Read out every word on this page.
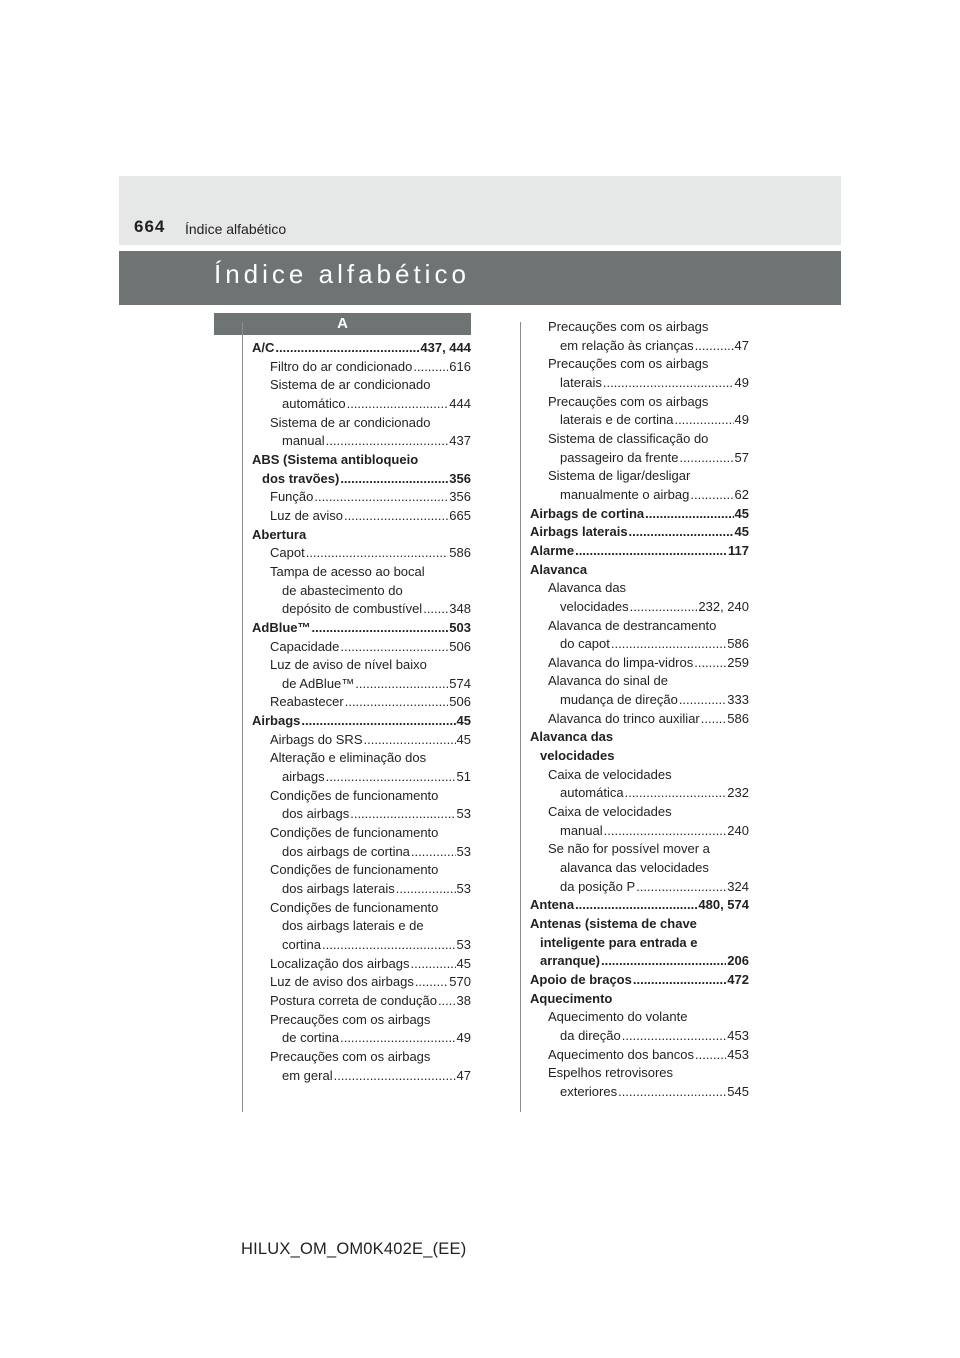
664 Índice alfabético
Índice alfabético
A
A/C .....	437, 444
Filtro do ar condicionado .....	616
Sistema de ar condicionado
automático .....	444
Sistema de ar condicionado
manual .....	437
ABS (Sistema antibloqueio
dos travões) .....	356
Função .....	356
Luz de aviso .....	665
Abertura
Capot .....	586
Tampa de acesso ao bocal
de abastecimento do
depósito de combustível ..... 348
AdBlue™ .....	503
Capacidade .....	506
Luz de aviso de nível baixo
de AdBlue™ .....	574
Reabastecer .....	506
Airbags .....	45
Airbags do SRS .....	45
Alteração e eliminação dos
airbags .....	51
Condições de funcionamento
dos airbags .....	53
Condições de funcionamento
dos airbags de cortina .....	53
Condições de funcionamento
dos airbags laterais .....	53
Condições de funcionamento
dos airbags laterais e de
cortina .....	53
Localização dos airbags .....	45
Luz de aviso dos airbags .....	570
Postura correta de condução ..... 38
Precauções com os airbags
de cortina .....	49
Precauções com os airbags
em geral .....	47
Precauções com os airbags
em relação às crianças .....	47
Precauções com os airbags
laterais .....	49
Precauções com os airbags
laterais e de cortina .....	49
Sistema de classificação do
passageiro da frente .....	57
Sistema de ligar/desligar
manualmente o airbag .....	62
Airbags de cortina .....	45
Airbags laterais .....	45
Alarme .....	117
Alavanca
Alavanca das
velocidades .....	232, 240
Alavanca de destrancamento
do capot .....	586
Alavanca do limpa-vidros .....	259
Alavanca do sinal de
mudança de direção .....	333
Alavanca do trinco auxiliar ..... 586
Alavanca das
velocidades
Caixa de velocidades
automática .....	232
Caixa de velocidades
manual .....	240
Se não for possível mover a
alavanca das velocidades
da posição P .....	324
Antena .....	480, 574
Antenas (sistema de chave
inteligente para entrada e
arranque) .....	206
Apoio de braços .....	472
Aquecimento
Aquecimento do volante
da direção .....	453
Aquecimento dos bancos .....	453
Espelhos retrovisores
exteriores .....	545
HILUX_OM_OM0K402E_(EE)
